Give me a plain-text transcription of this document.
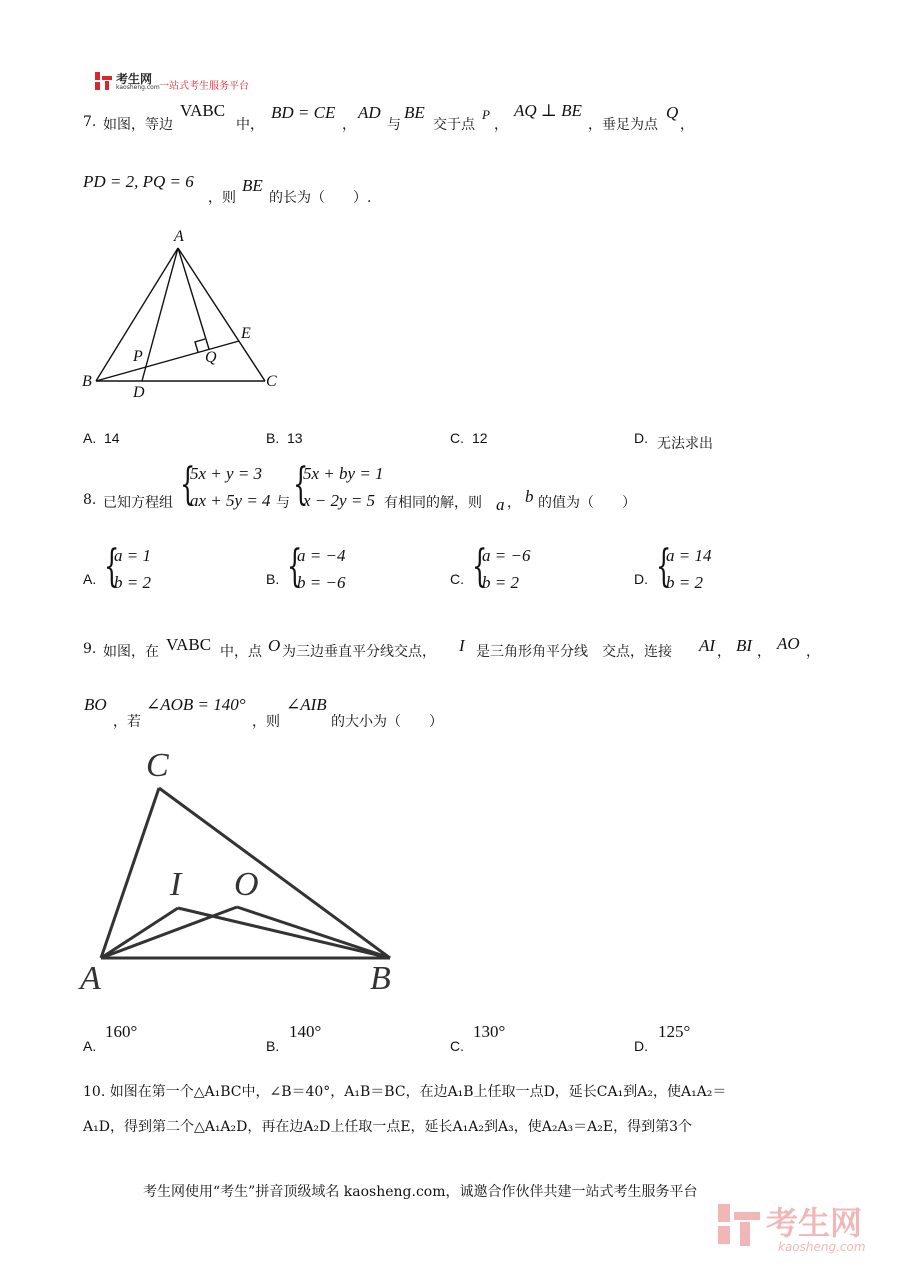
考生网
kaosheng.com 一站式考生服务平台
7. 如图，等边
VABC
中，
BD = CE
，
AD
与
BE
交于点
P
，
AQ ⊥ BE
，垂足为点
Q
，
PD = 2, PQ = 6
，则
BE
的长为（　　）.
A
B	C
D
E
P	Q
A. 14	B. 13	C. 12	D. 无法求出
8. 已知方程组 {
5x + y = 3
ax + 5y = 4 与 {
5x + by = 1
x − 2y = 5 有相同的解，则 a ， b 的值为（　　）
A. {
a = 1
b = 2	B. {
a = −4
b = −6	C. {
a = −6
b = 2	D. {
a = 14
b = 2
9. 如图，在 VABC 中，点 O 为三边垂直平分线交点， I 是三角形角平分线　交点，连接 AI ， BI ， AO ，
BO
，若
∠AOB = 140°
，则
∠AIB
的大小为（　　）
C
I O
A	B
A.
160°
B.
140°
C.
130°
D.
125°
10. 如图在第一个△A₁BC中，∠B＝40°，A₁B＝BC，在边A₁B上任取一点D，延长CA₁到A₂，使A₁A₂＝
A₁D，得到第二个△A₁A₂D，再在边A₂D上任取一点E，延长A₁A₂到A₃，使A₂A₃＝A₂E，得到第3个
考生网使用“考生”拼音顶级域名 kaosheng.com，诚邀合作伙伴共建一站式考生服务平台
考生网
kaosheng.com
